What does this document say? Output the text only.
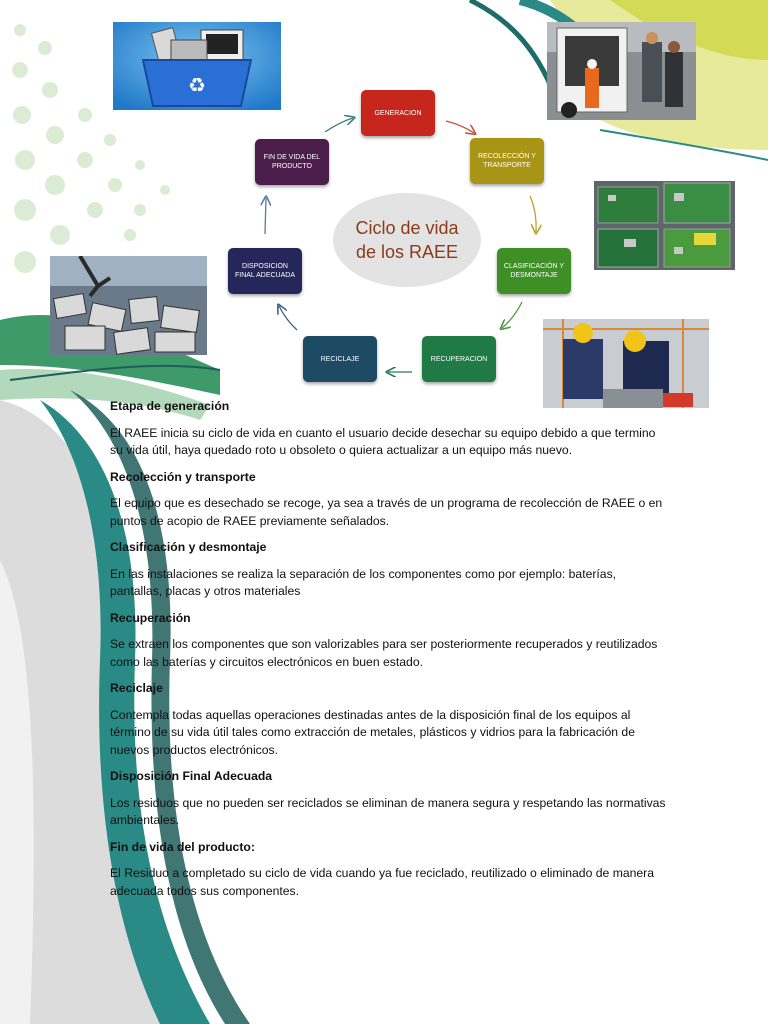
♻
Ciclo de vida de los RAEE
GENERACION
RECOLECCIÓN Y TRANSPORTE
CLASIFICACIÓN Y DESMONTAJE
RECUPERACION
RECICLAJE
DISPOSICION FINAL ADECUADA
FIN DE VIDA DEL PRODUCTO
Etapa de generación

El RAEE inicia su ciclo de vida en cuanto el usuario decide desechar su equipo debido a que termino su vida útil, haya quedado roto u obsoleto o quiera actualizar a un equipo más nuevo.

Recolección y transporte

El equipo que es desechado se recoge, ya sea a través de un programa de recolección de RAEE o en puntos de acopio de RAEE previamente señalados.

Clasificación y desmontaje

En las instalaciones se realiza la separación de los componentes como por ejemplo: baterías, pantallas, placas y otros materiales

Recuperación

Se extraen los componentes que son valorizables para ser posteriormente recuperados y reutilizados como las baterías y circuitos electrónicos en buen estado.

Reciclaje

Contempla todas aquellas operaciones destinadas antes de la disposición final de los equipos al término de su vida útil tales como extracción de metales, plásticos y vidrios para la fabricación de nuevos productos electrónicos.

Disposición Final Adecuada

Los residuos que no pueden ser reciclados se eliminan de manera segura y respetando las normativas ambientales.

Fin de vida del producto:

El Residuo a completado su ciclo de vida cuando ya fue reciclado, reutilizado o eliminado de manera adecuada todos sus componentes.
